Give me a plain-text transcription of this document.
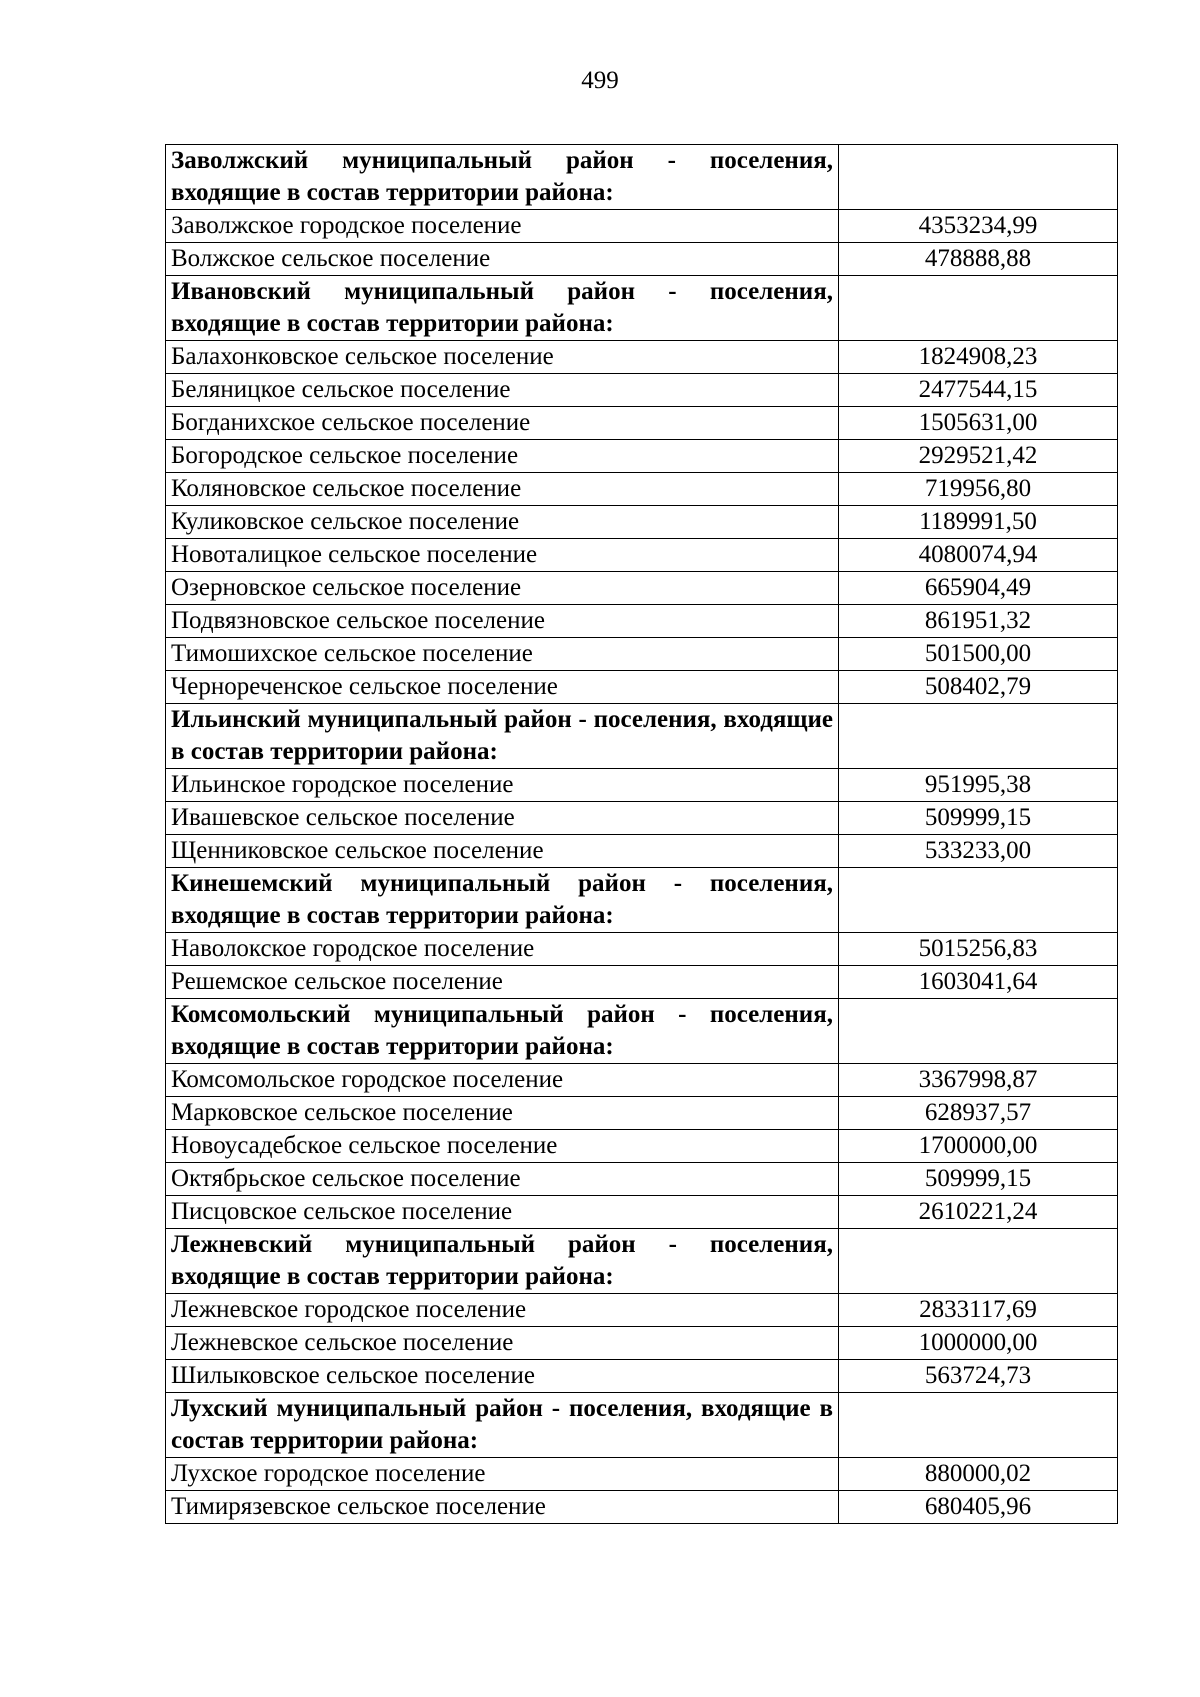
499
Заволжский муниципальный район - поселения, входящие в состав территории района:	
Заволжское городское поселение	4353234,99
Волжское сельское поселение	478888,88
Ивановский муниципальный район - поселения, входящие в состав территории района:	
Балахонковское сельское поселение	1824908,23
Беляницкое сельское поселение	2477544,15
Богданихское сельское поселение	1505631,00
Богородское сельское поселение	2929521,42
Коляновское сельское поселение	719956,80
Куликовское сельское поселение	1189991,50
Новоталицкое сельское поселение	4080074,94
Озерновское сельское поселение	665904,49
Подвязновское сельское поселение	861951,32
Тимошихское сельское поселение	501500,00
Чернореченское сельское поселение	508402,79
Ильинский муниципальный район - поселения, входящие в состав территории района:	
Ильинское городское поселение	951995,38
Ивашевское сельское поселение	509999,15
Щенниковское сельское поселение	533233,00
Кинешемский муниципальный район - поселения, входящие в состав территории района:	
Наволокское городское поселение	5015256,83
Решемское сельское поселение	1603041,64
Комсомольский муниципальный район - поселения, входящие в состав территории района:	
Комсомольское городское поселение	3367998,87
Марковское сельское поселение	628937,57
Новоусадебское сельское поселение	1700000,00
Октябрьское сельское поселение	509999,15
Писцовское сельское поселение	2610221,24
Лежневский муниципальный район - поселения, входящие в состав территории района:	
Лежневское городское поселение	2833117,69
Лежневское сельское поселение	1000000,00
Шилыковское сельское поселение	563724,73
Лухский муниципальный район - поселения, входящие в состав территории района:	
Лухское городское поселение	880000,02
Тимирязевское сельское поселение	680405,96
